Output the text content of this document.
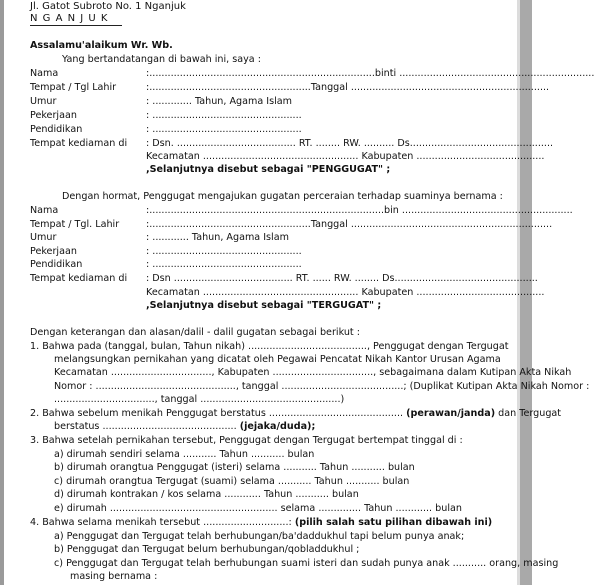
Jl. Gatot Subroto No. 1 Nganjuk
N G A N J U K
Assalamu'alaikum Wr. Wb.
Yang bertandatangan di bawah ini, saya :
Nama	:..........................................................................binti ................................................................
Tempat / Tgl Lahir	:.....................................................Tanggal .................................................................
Umur	: ............. Tahun, Agama Islam
Pekerjaan	: .................................................
Pendidikan	: .................................................
Tempat kediaman di : Dsn. ....................................... RT. ........ RW. .......... Ds...............................................
Kecamatan ................................................... Kabupaten ..........................................
,Selanjutnya disebut sebagai "PENGGUGAT" ;
Dengan hormat, Penggugat mengajukan gugatan perceraian terhadap suaminya bernama :
Nama	:.............................................................................bin ........................................................
Tempat / Tgl. Lahir	:.....................................................Tanggal ..................................................................
Umur	: ............ Tahun, Agama Islam
Pekerjaan	: .................................................
Pendidikan	: .................................................
Tempat kediaman di : Dsn ....................................... RT. ...... RW. ........ Ds...............................................
Kecamatan ................................................... Kabupaten ..........................................
,Selanjutnya disebut sebagai "TERGUGAT" ;
Dengan keterangan dan alasan/dalil - dalil gugatan sebagai berikut :
1. Bahwa pada (tanggal, bulan, Tahun nikah) ......................................., Penggugat dengan Tergugat
melangsungkan pernikahan yang dicatat oleh Pegawai Pencatat Nikah Kantor Urusan Agama
Kecamatan ................................., Kabupaten ................................., sebagaimana dalam Kutipan Akta Nikah
Nomor : .............................................., tanggal ........................................; (Duplikat Kutipan Akta Nikah Nomor :
................................., tanggal ..............................................)
2. Bahwa sebelum menikah Penggugat berstatus ............................................ (perawan/janda) dan Tergugat
berstatus ............................................ (jejaka/duda);
3. Bahwa setelah pernikahan tersebut, Penggugat dengan Tergugat bertempat tinggal di :
a) dirumah sendiri selama ........... Tahun ........... bulan
b) dirumah orangtua Penggugat (isteri) selama ........... Tahun ........... bulan
c) dirumah orangtua Tergugat (suami) selama ........... Tahun ........... bulan
d) dirumah kontrakan / kos selama ............ Tahun ........... bulan
e) dirumah ....................................................... selama .............. Tahun ............ bulan
4. Bahwa selama menikah tersebut ............................: (pilih salah satu pilihan dibawah ini)
a) Penggugat dan Tergugat telah berhubungan/ba'daddukhul tapi belum punya anak;
b) Penggugat dan Tergugat belum berhubungan/qobladdukhul ;
c) Penggugat dan Tergugat telah berhubungan suami isteri dan sudah punya anak ........... orang, masing
masing bernama :
